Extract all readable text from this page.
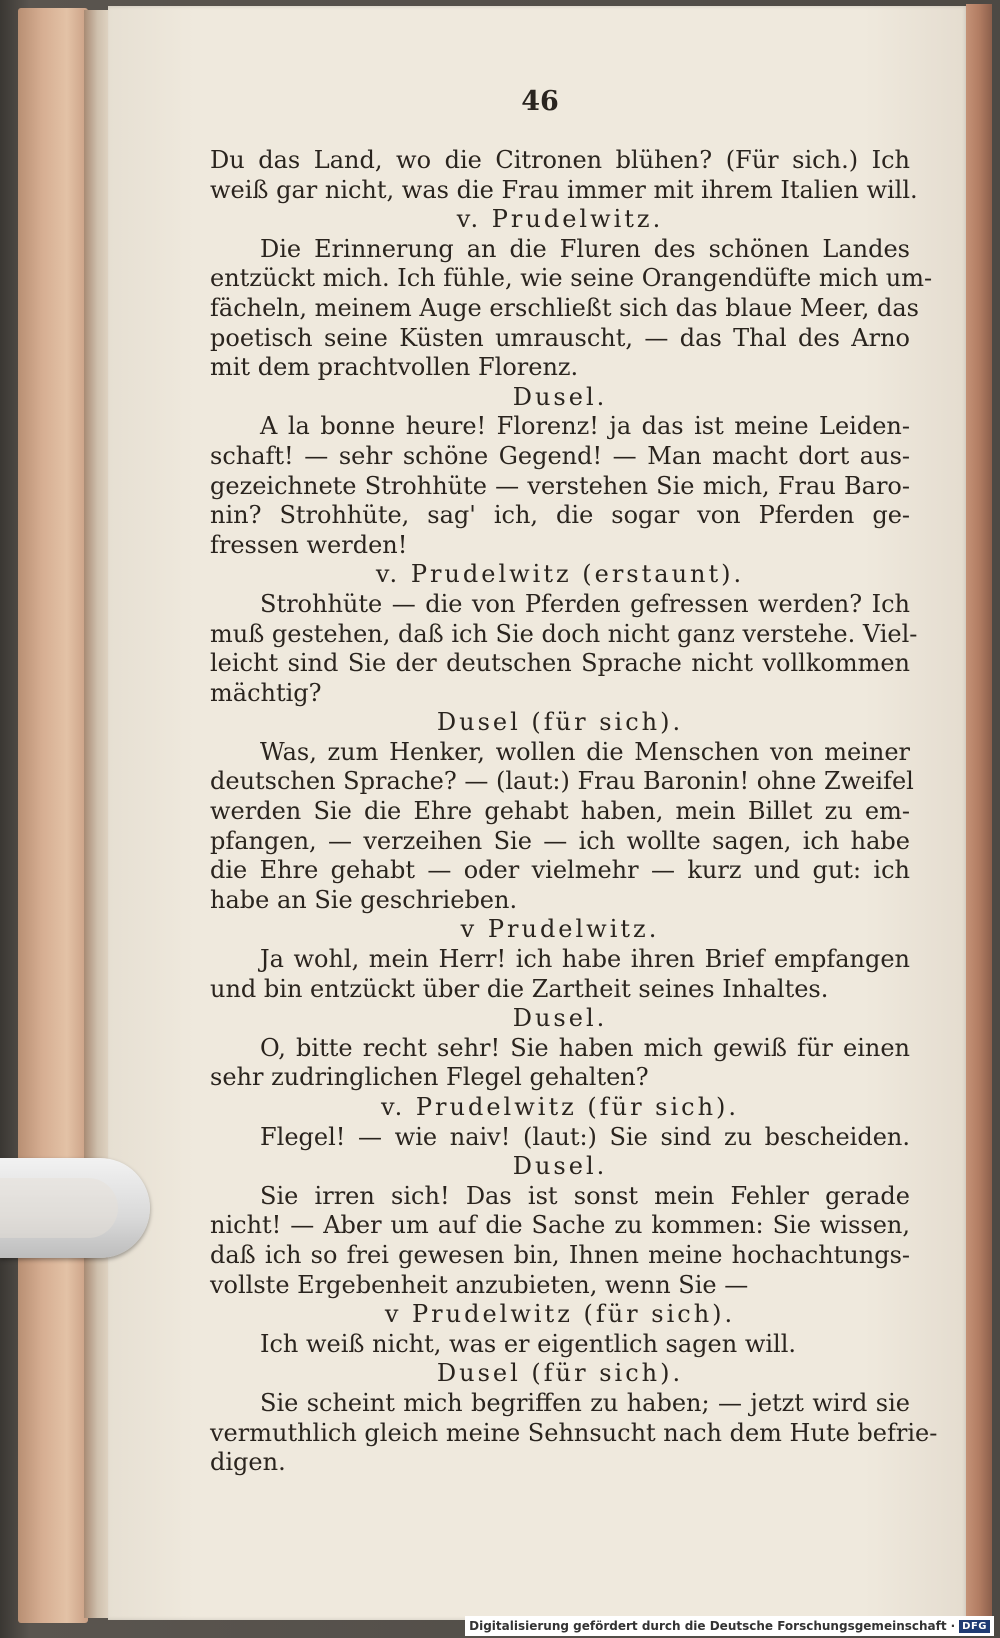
46
Du das Land, wo die Citronen blühen? (Für sich.) Ich
weiß gar nicht, was die Frau immer mit ihrem Italien will.
v. Prudelwitz.
Die Erinnerung an die Fluren des schönen Landes
entzückt mich. Ich fühle, wie seine Orangendüfte mich um-
fächeln, meinem Auge erschließt sich das blaue Meer, das
poetisch seine Küsten umrauscht, — das Thal des Arno
mit dem prachtvollen Florenz.
Dusel.
A la bonne heure! Florenz! ja das ist meine Leiden-
schaft! — sehr schöne Gegend! — Man macht dort aus-
gezeichnete Strohhüte — verstehen Sie mich, Frau Baro-
nin? Strohhüte, sag' ich, die sogar von Pferden ge-
fressen werden!
v. Prudelwitz (erstaunt).
Strohhüte — die von Pferden gefressen werden? Ich
muß gestehen, daß ich Sie doch nicht ganz verstehe. Viel-
leicht sind Sie der deutschen Sprache nicht vollkommen
mächtig?
Dusel (für sich).
Was, zum Henker, wollen die Menschen von meiner
deutschen Sprache? — (laut:) Frau Baronin! ohne Zweifel
werden Sie die Ehre gehabt haben, mein Billet zu em-
pfangen, — verzeihen Sie — ich wollte sagen, ich habe
die Ehre gehabt — oder vielmehr — kurz und gut: ich
habe an Sie geschrieben.
v Prudelwitz.
Ja wohl, mein Herr! ich habe ihren Brief empfangen
und bin entzückt über die Zartheit seines Inhaltes.
Dusel.
O, bitte recht sehr! Sie haben mich gewiß für einen
sehr zudringlichen Flegel gehalten?
v. Prudelwitz (für sich).
Flegel! — wie naiv! (laut:) Sie sind zu bescheiden.
Dusel.
Sie irren sich! Das ist sonst mein Fehler gerade
nicht! — Aber um auf die Sache zu kommen: Sie wissen,
daß ich so frei gewesen bin, Ihnen meine hochachtungs-
vollste Ergebenheit anzubieten, wenn Sie —
v Prudelwitz (für sich).
Ich weiß nicht, was er eigentlich sagen will.
Dusel (für sich).
Sie scheint mich begriffen zu haben; — jetzt wird sie
vermuthlich gleich meine Sehnsucht nach dem Hute befrie-
digen.
Digitalisierung gefördert durch die Deutsche Forschungsgemeinschaft · DFG
